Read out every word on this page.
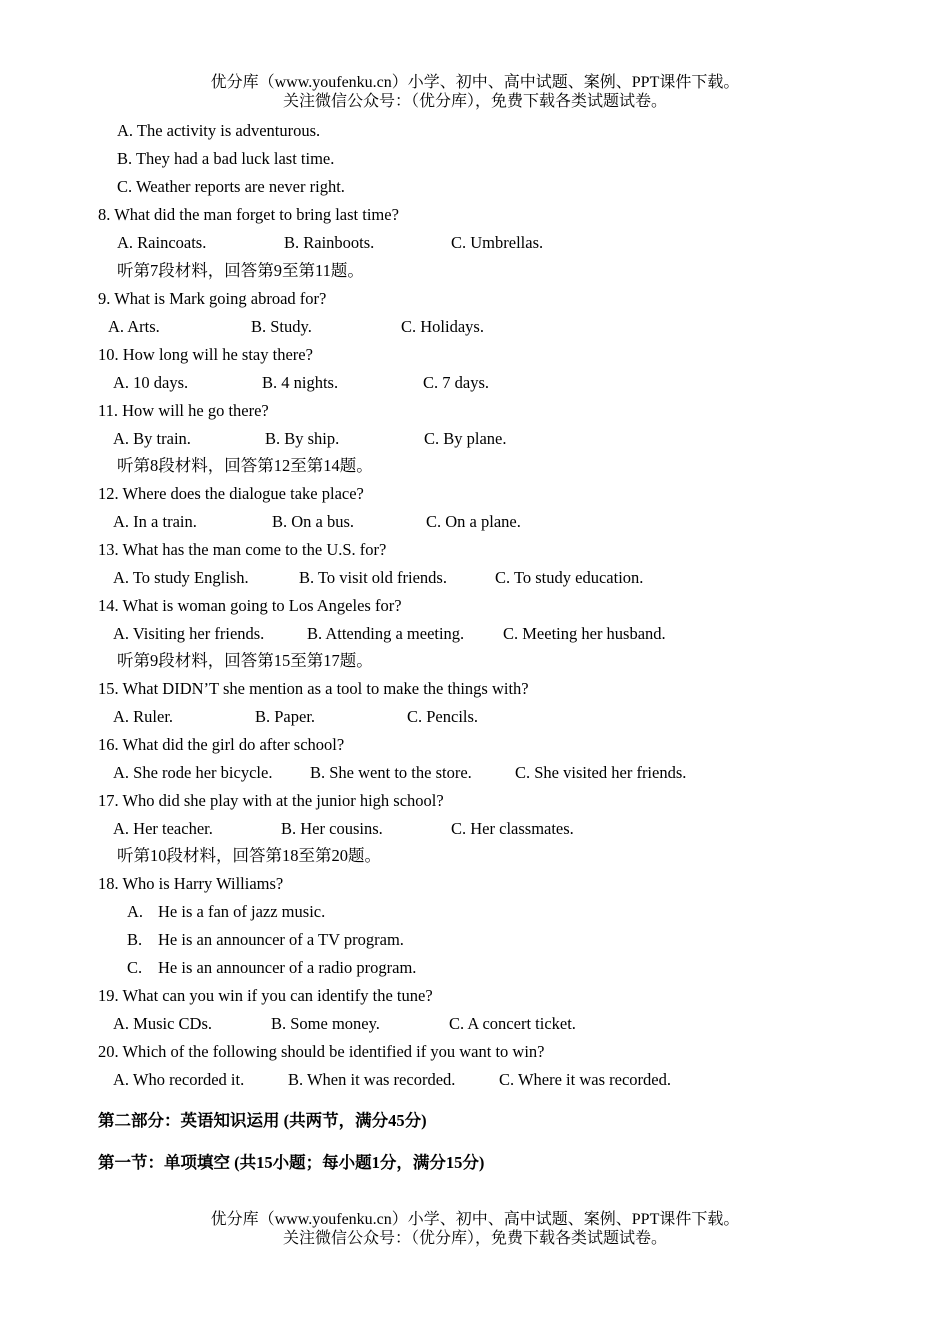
优分库（www.youfenku.cn）小学、初中、高中试题、案例、PPT课件下载。
关注微信公众号：（优分库），免费下载各类试题试卷。
A. The activity is adventurous.
B. They had a bad luck last time.
C. Weather reports are never right.
8. What did the man forget to bring last time?
A. Raincoats.	B. Rainboots.	C. Umbrellas.
听第7段材料，回答第9至第11题。
9. What is Mark going abroad for?
A. Arts.	B. Study.	C. Holidays.
10. How long will he stay there?
A. 10 days.	B. 4 nights.	C. 7 days.
11. How will he go there?
A. By train.	B. By ship.	C. By plane.
听第8段材料，回答第12至第14题。
12. Where does the dialogue take place?
A. In a train.	B. On a bus.	C. On a plane.
13. What has the man come to the U.S. for?
A. To study English.	B. To visit old friends.	C. To study education.
14. What is woman going to Los Angeles for?
A. Visiting her friends.	B. Attending a meeting. C. Meeting her husband.
听第9段材料，回答第15至第17题。
15. What DIDN’T she mention as a tool to make the things with?
A. Ruler.	B. Paper.	C. Pencils.
16. What did the girl do after school?
A. She rode her bicycle. B. She went to the store.	C. She visited her friends.
17. Who did she play with at the junior high school?
A. Her teacher.	B. Her cousins.	C. Her classmates.
听第10段材料，回答第18至第20题。
18. Who is Harry Williams?
A. He is a fan of jazz music.
B. He is an announcer of a TV program.
C. He is an announcer of a radio program.
19. What can you win if you can identify the tune?
A. Music CDs.	B. Some money.	C. A concert ticket.
20. Which of the following should be identified if you want to win?
A. Who recorded it.	B. When it was recorded.	C. Where it was recorded.
第二部分：英语知识运用 (共两节，满分45分)
第一节：单项填空 (共15小题；每小题1分，满分15分)
优分库（www.youfenku.cn）小学、初中、高中试题、案例、PPT课件下载。
关注微信公众号：（优分库），免费下载各类试题试卷。
